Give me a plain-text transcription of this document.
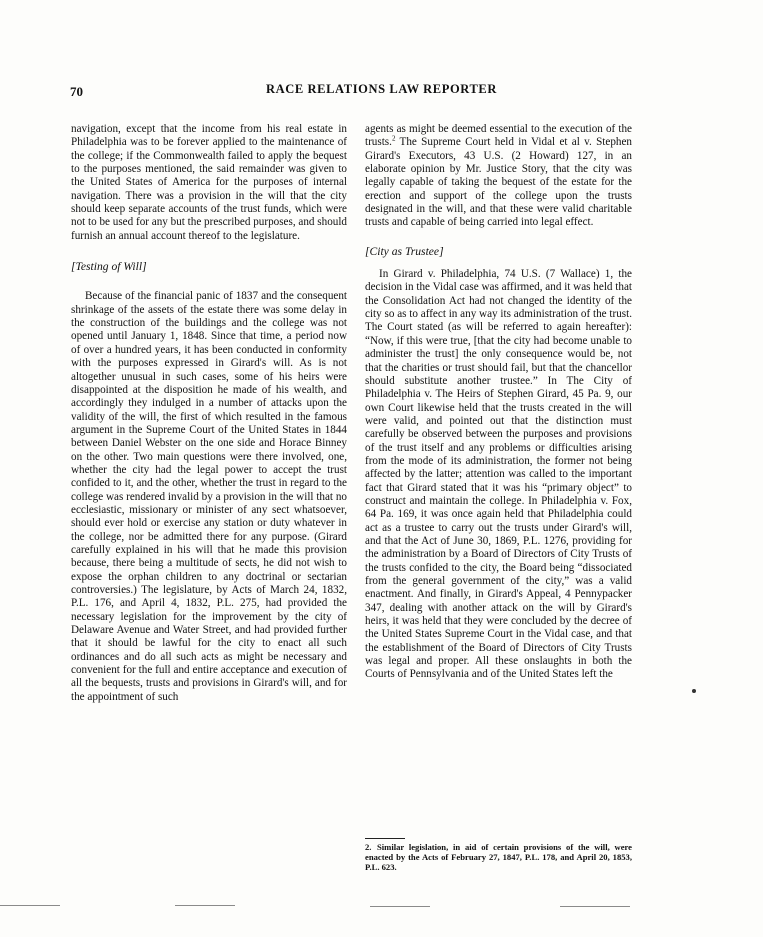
70	RACE RELATIONS LAW REPORTER

navigation, except that the income from his real estate in Philadelphia was to be forever applied to the maintenance of the college; if the Commonwealth failed to apply the bequest to the purposes mentioned, the said remainder was given to the United States of America for the purposes of internal navigation. There was a provision in the will that the city should keep separate accounts of the trust funds, which were not to be used for any but the prescribed purposes, and should furnish an annual account thereof to the legislature.

[Testing of Will]

Because of the financial panic of 1837 and the consequent shrinkage of the assets of the estate there was some delay in the construction of the buildings and the college was not opened until January 1, 1848. Since that time, a period now of over a hundred years, it has been conducted in conformity with the purposes expressed in Girard's will. As is not altogether unusual in such cases, some of his heirs were disappointed at the disposition he made of his wealth, and accordingly they indulged in a number of attacks upon the validity of the will, the first of which resulted in the famous argument in the Supreme Court of the United States in 1844 between Daniel Webster on the one side and Horace Binney on the other. Two main questions were there involved, one, whether the city had the legal power to accept the trust confided to it, and the other, whether the trust in regard to the college was rendered invalid by a provision in the will that no ecclesiastic, missionary or minister of any sect whatsoever, should ever hold or exercise any station or duty whatever in the college, nor be admitted there for any purpose. (Girard carefully explained in his will that he made this provision because, there being a multitude of sects, he did not wish to expose the orphan children to any doctrinal or sectarian controversies.) The legislature, by Acts of March 24, 1832, P.L. 176, and April 4, 1832, P.L. 275, had provided the necessary legislation for the improvement by the city of Delaware Avenue and Water Street, and had provided further that it should be lawful for the city to enact all such ordinances and do all such acts as might be necessary and convenient for the full and entire acceptance and execution of all the bequests, trusts and provisions in Girard's will, and for the appointment of such

agents as might be deemed essential to the execution of the trusts.$^2$ The Supreme Court held in Vidal et al v. Stephen Girard's Executors, 43 U.S. (2 Howard) 127, in an elaborate opinion by Mr. Justice Story, that the city was legally capable of taking the bequest of the estate for the erection and support of the college upon the trusts designated in the will, and that these were valid charitable trusts and capable of being carried into legal effect.

[City as Trustee]

In Girard v. Philadelphia, 74 U.S. (7 Wallace) 1, the decision in the Vidal case was affirmed, and it was held that the Consolidation Act had not changed the identity of the city so as to affect in any way its administration of the trust. The Court stated (as will be referred to again hereafter): “Now, if this were true, [that the city had become unable to administer the trust] the only consequence would be, not that the charities or trust should fail, but that the chancellor should substitute another trustee.” In The City of Philadelphia v. The Heirs of Stephen Girard, 45 Pa. 9, our own Court likewise held that the trusts created in the will were valid, and pointed out that the distinction must carefully be observed between the purposes and provisions of the trust itself and any problems or difficulties arising from the mode of its administration, the former not being affected by the latter; attention was called to the important fact that Girard stated that it was his “primary object” to construct and maintain the college. In Philadelphia v. Fox, 64 Pa. 169, it was once again held that Philadelphia could act as a trustee to carry out the trusts under Girard's will, and that the Act of June 30, 1869, P.L. 1276, providing for the administration by a Board of Directors of City Trusts of the trusts confided to the city, the Board being “dissociated from the general government of the city,” was a valid enactment. And finally, in Girard's Appeal, 4 Pennypacker 347, dealing with another attack on the will by Girard's heirs, it was held that they were concluded by the decree of the United States Supreme Court in the Vidal case, and that the establishment of the Board of Directors of City Trusts was legal and proper. All these onslaughts in both the Courts of Pennsylvania and of the United States left the

2. Similar legislation, in aid of certain provisions of the will, were enacted by the Acts of February 27, 1847, P.L. 178, and April 20, 1853, P.L. 623.
